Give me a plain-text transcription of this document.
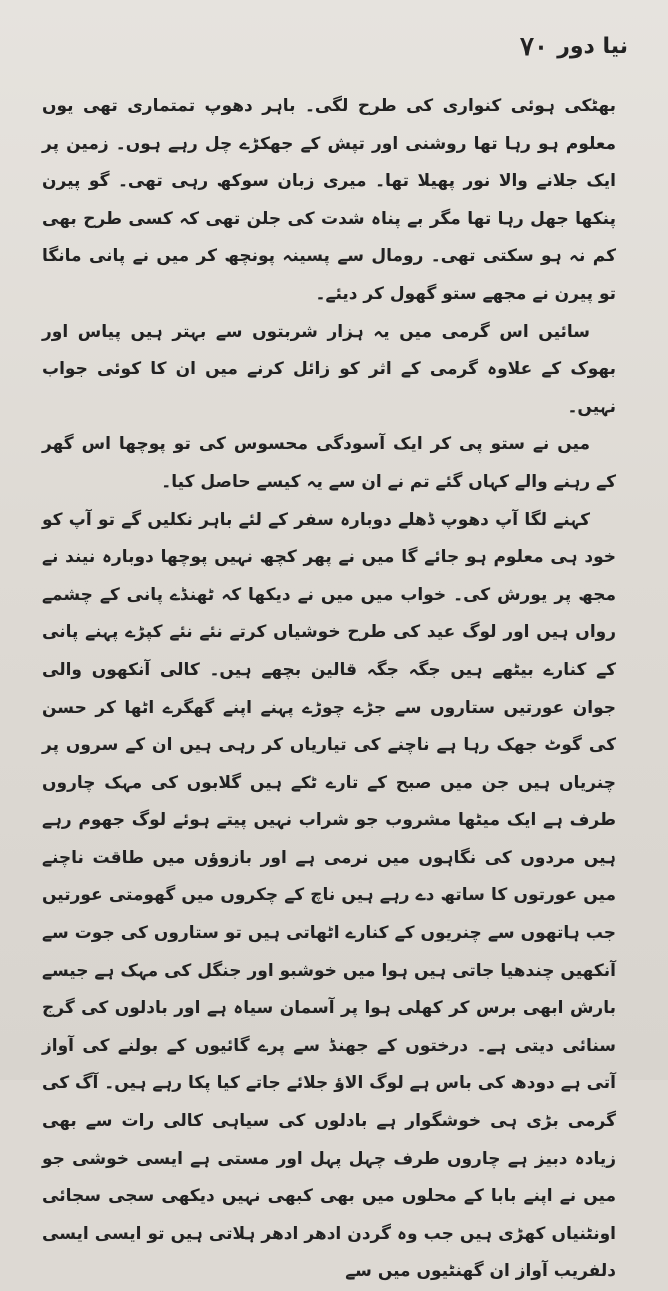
۷۰ نیا دور

بھٹکی ہوئی کنواری کی طرح لگی۔ باہر دھوپ تمتماری تھی یوں معلوم ہو رہا تھا روشنی اور تپش کے جھکڑے چل رہے ہوں۔ زمین پر ایک جلانے والا نور پھیلا تھا۔ میری زبان سوکھ رہی تھی۔ گو پیرن پنکھا جھل رہا تھا مگر بے پناہ شدت کی جلن تھی کہ کسی طرح بھی کم نہ ہو سکتی تھی۔ رومال سے پسینہ پونچھ کر میں نے پانی مانگا تو پیرن نے مجھے ستو گھول کر دیئے۔

سائیں اس گرمی میں یہ ہزار شربتوں سے بہتر ہیں پیاس اور بھوک کے علاوہ گرمی کے اثر کو زائل کرنے میں ان کا کوئی جواب نہیں۔

میں نے ستو پی کر ایک آسودگی محسوس کی تو پوچھا اس گھر کے رہنے والے کہاں گئے تم نے ان سے یہ کیسے حاصل کیا۔

کہنے لگا آپ دھوپ ڈھلے دوبارہ سفر کے لئے باہر نکلیں گے تو آپ کو خود ہی معلوم ہو جائے گا میں نے پھر کچھ نہیں پوچھا دوبارہ نیند نے مجھ پر یورش کی۔ خواب میں میں نے دیکھا کہ ٹھنڈے پانی کے چشمے رواں ہیں اور لوگ عید کی طرح خوشیاں کرتے نئے نئے کپڑے پہنے پانی کے کنارے بیٹھے ہیں جگہ جگہ قالین بچھے ہیں۔ کالی آنکھوں والی جوان عورتیں ستاروں سے جڑے چوڑے پہنے اپنے گھگرے اٹھا کر حسن کی گوٹ جھک رہا ہے ناچنے کی تیاریاں کر رہی ہیں ان کے سروں پر چنریاں ہیں جن میں صبح کے تارے ٹکے ہیں گلابوں کی مہک چاروں طرف ہے ایک میٹھا مشروب جو شراب نہیں پیتے ہوئے لوگ جھوم رہے ہیں مردوں کی نگاہوں میں نرمی ہے اور بازوؤں میں طاقت ناچنے میں عورتوں کا ساتھ دے رہے ہیں ناچ کے چکروں میں گھومتی عورتیں جب ہاتھوں سے چنریوں کے کنارے اٹھاتی ہیں تو ستاروں کی جوت سے آنکھیں چندھیا جاتی ہیں ہوا میں خوشبو اور جنگل کی مہک ہے جیسے بارش ابھی برس کر کھلی ہوا پر آسمان سیاہ ہے اور بادلوں کی گرج سنائی دیتی ہے۔ درختوں کے جھنڈ سے پرے گائیوں کے بولنے کی آواز آتی ہے دودھ کی باس ہے لوگ الاؤ جلائے جاتے کیا پکا رہے ہیں۔ آگ کی گرمی بڑی ہی خوشگوار ہے بادلوں کی سیاہی کالی رات سے بھی زیادہ دبیز ہے چاروں طرف چہل پہل اور مستی ہے ایسی خوشی جو میں نے اپنے بابا کے محلوں میں بھی کبھی نہیں دیکھی سجی سجائی اونٹنیاں کھڑی ہیں جب وہ گردن ادھر ادھر ہلاتی ہیں تو ایسی ایسی دلفریب آواز ان گھنٹیوں میں سے
